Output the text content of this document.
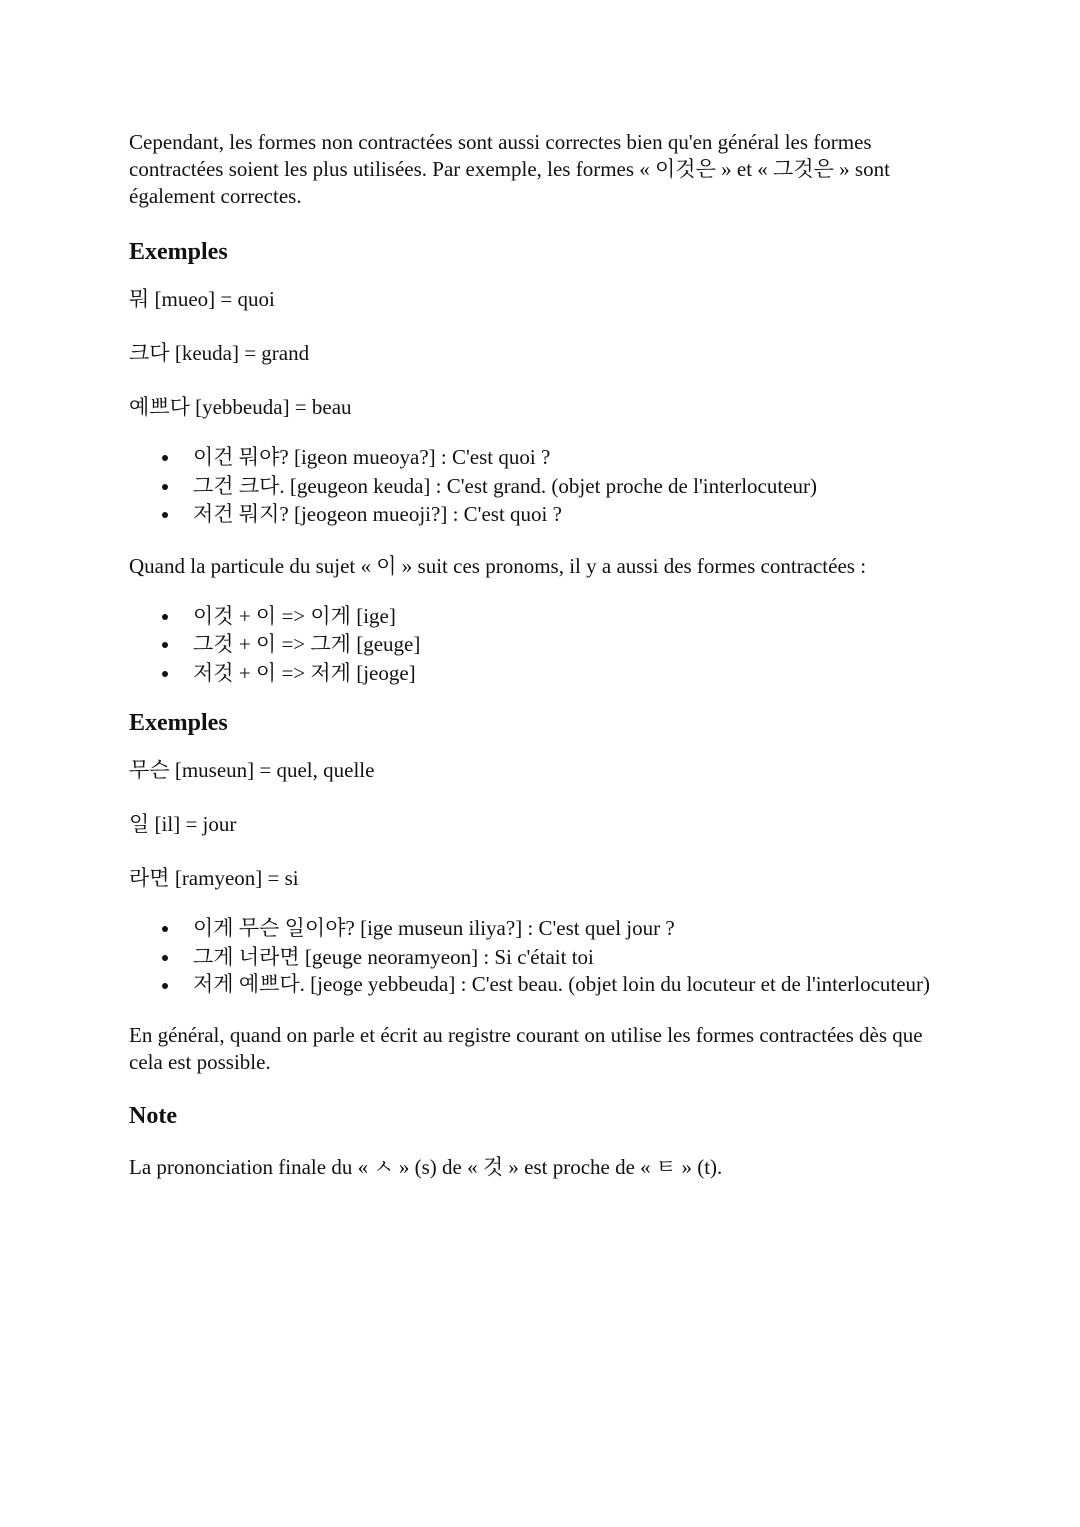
Cependant, les formes non contractées sont aussi correctes bien qu'en général les formes contractées soient les plus utilisées. Par exemple, les formes « 이것은 » et « 그것은 » sont également correctes.

Exemples

뭐 [mueo] = quoi

크다 [keuda] = grand

예쁘다 [yebbeuda] = beau

이건 뭐야? [igeon mueoya?] : C'est quoi ?
그건 크다. [geugeon keuda] : C'est grand. (objet proche de l'interlocuteur)
저건 뭐지? [jeogeon mueoji?] : C'est quoi ?

Quand la particule du sujet « 이 » suit ces pronoms, il y a aussi des formes contractées :

이것 + 이 => 이게 [ige]
그것 + 이 => 그게 [geuge]
저것 + 이 => 저게 [jeoge]
Exemples

무슨 [museun] = quel, quelle

일 [il] = jour

라면 [ramyeon] = si

이게 무슨 일이야? [ige museun iliya?] : C'est quel jour ?
그게 너라면 [geuge neoramyeon] : Si c'était toi
저게 예쁘다. [jeoge yebbeuda] : C'est beau. (objet loin du locuteur et de l'interlocuteur)

En général, quand on parle et écrit au registre courant on utilise les formes contractées dès que cela est possible.

Note

La prononciation finale du « ㅅ » (s) de « 것 » est proche de « ㅌ » (t).
